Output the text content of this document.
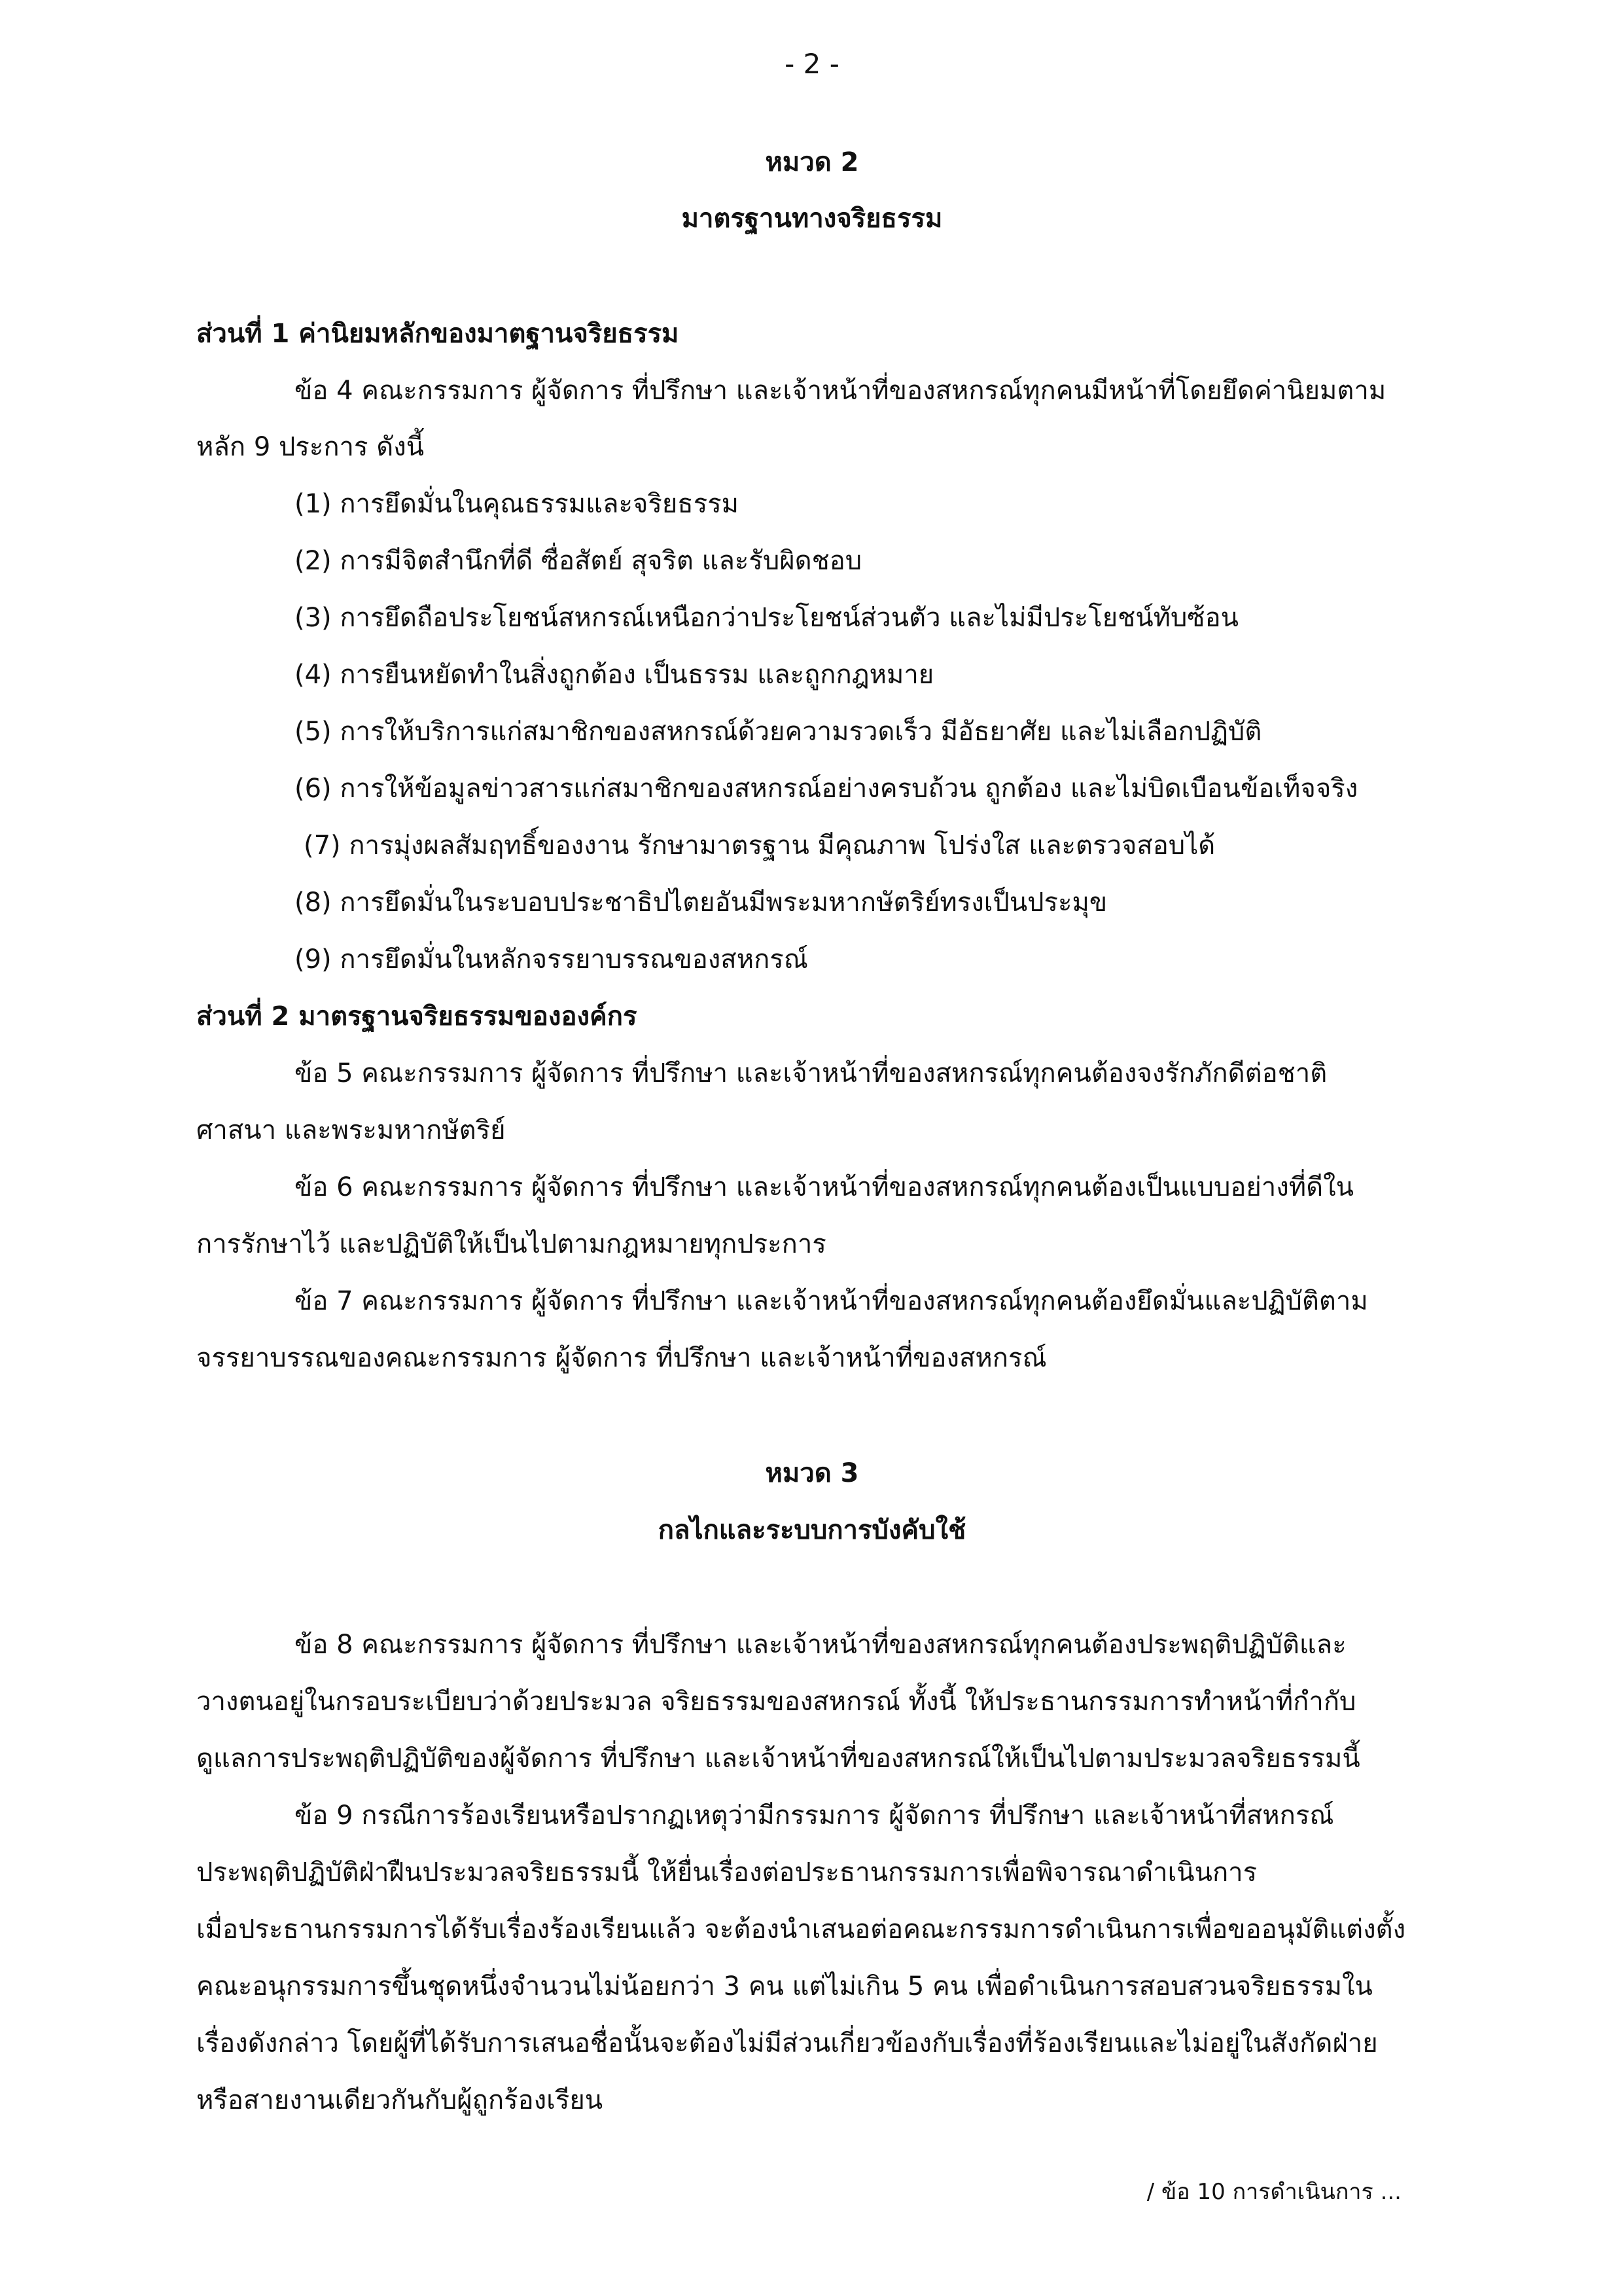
- 2 -
หมวด 2
มาตรฐานทางจริยธรรม
ส่วนที่ 1 ค่านิยมหลักของมาตฐานจริยธรรม
ข้อ 4 คณะกรรมการ ผู้จัดการ ที่ปรึกษา และเจ้าหน้าที่ของสหกรณ์ทุกคนมีหน้าที่โดยยึดค่านิยมตาม
หลัก 9 ประการ ดังนี้
(1) การยึดมั่นในคุณธรรมและจริยธรรม
(2) การมีจิตสำนึกที่ดี ซื่อสัตย์ สุจริต และรับผิดชอบ
(3) การยึดถือประโยชน์สหกรณ์เหนือกว่าประโยชน์ส่วนตัว และไม่มีประโยชน์ทับซ้อน
(4) การยืนหยัดทำในสิ่งถูกต้อง เป็นธรรม และถูกกฎหมาย
(5) การให้บริการแก่สมาชิกของสหกรณ์ด้วยความรวดเร็ว มีอัธยาศัย และไม่เลือกปฏิบัติ
(6) การให้ข้อมูลข่าวสารแก่สมาชิกของสหกรณ์อย่างครบถ้วน ถูกต้อง และไม่บิดเบือนข้อเท็จจริง
(7) การมุ่งผลสัมฤทธิ์ของงาน รักษามาตรฐาน มีคุณภาพ โปร่งใส และตรวจสอบได้
(8) การยึดมั่นในระบอบประชาธิปไตยอันมีพระมหากษัตริย์ทรงเป็นประมุข
(9) การยึดมั่นในหลักจรรยาบรรณของสหกรณ์
ส่วนที่ 2 มาตรฐานจริยธรรมขององค์กร
ข้อ 5 คณะกรรมการ ผู้จัดการ ที่ปรึกษา และเจ้าหน้าที่ของสหกรณ์ทุกคนต้องจงรักภักดีต่อชาติ
ศาสนา และพระมหากษัตริย์
ข้อ 6 คณะกรรมการ ผู้จัดการ ที่ปรึกษา และเจ้าหน้าที่ของสหกรณ์ทุกคนต้องเป็นแบบอย่างที่ดีใน
การรักษาไว้ และปฏิบัติให้เป็นไปตามกฎหมายทุกประการ
ข้อ 7 คณะกรรมการ ผู้จัดการ ที่ปรึกษา และเจ้าหน้าที่ของสหกรณ์ทุกคนต้องยึดมั่นและปฏิบัติตาม
จรรยาบรรณของคณะกรรมการ ผู้จัดการ ที่ปรึกษา และเจ้าหน้าที่ของสหกรณ์
หมวด 3
กลไกและระบบการบังคับใช้
ข้อ 8 คณะกรรมการ ผู้จัดการ ที่ปรึกษา และเจ้าหน้าที่ของสหกรณ์ทุกคนต้องประพฤติปฏิบัติและ
วางตนอยู่ในกรอบระเบียบว่าด้วยประมวล จริยธรรมของสหกรณ์ ทั้งนี้ ให้ประธานกรรมการทำหน้าที่กำกับ
ดูแลการประพฤติปฏิบัติของผู้จัดการ ที่ปรึกษา และเจ้าหน้าที่ของสหกรณ์ให้เป็นไปตามประมวลจริยธรรมนี้
ข้อ 9 กรณีการร้องเรียนหรือปรากฏเหตุว่ามีกรรมการ ผู้จัดการ ที่ปรึกษา และเจ้าหน้าที่สหกรณ์
ประพฤติปฏิบัติฝ่าฝืนประมวลจริยธรรมนี้ ให้ยื่นเรื่องต่อประธานกรรมการเพื่อพิจารณาดำเนินการ
เมื่อประธานกรรมการได้รับเรื่องร้องเรียนแล้ว จะต้องนำเสนอต่อคณะกรรมการดำเนินการเพื่อขออนุมัติแต่งตั้ง
คณะอนุกรรมการขึ้นชุดหนึ่งจำนวนไม่น้อยกว่า 3 คน แต่ไม่เกิน 5 คน เพื่อดำเนินการสอบสวนจริยธรรมใน
เรื่องดังกล่าว โดยผู้ที่ได้รับการเสนอชื่อนั้นจะต้องไม่มีส่วนเกี่ยวข้องกับเรื่องที่ร้องเรียนและไม่อยู่ในสังกัดฝ่าย
หรือสายงานเดียวกันกับผู้ถูกร้องเรียน
/ ข้อ 10 การดำเนินการ ...
